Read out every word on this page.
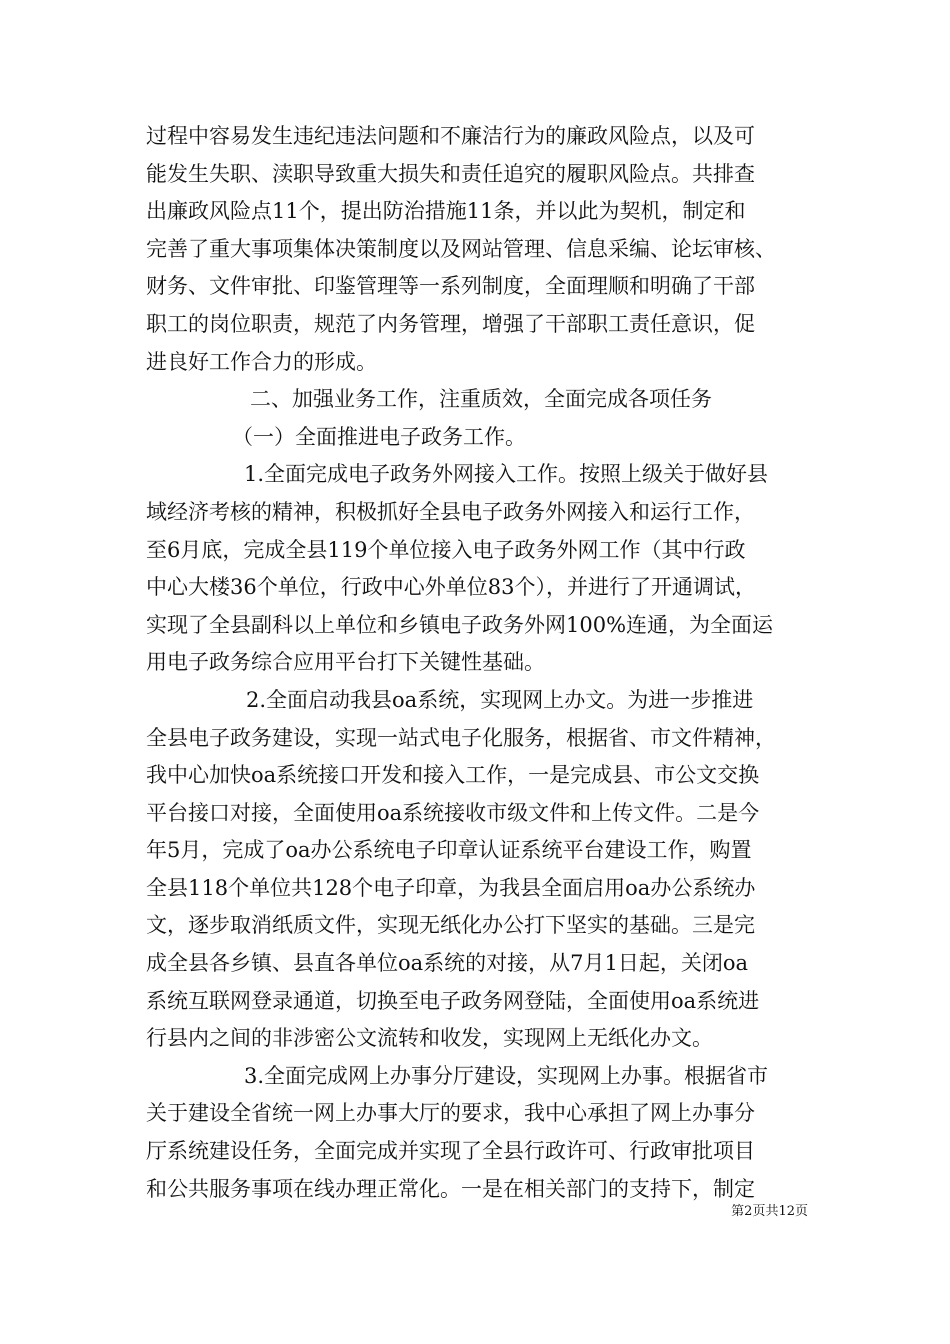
过程中容易发生违纪违法问题和不廉洁行为的廉政风险点，以及可
能发生失职、渎职导致重大损失和责任追究的履职风险点。共排查
出廉政风险点11个，提出防治措施11条，并以此为契机，制定和
完善了重大事项集体决策制度以及网站管理、信息采编、论坛审核、
财务、文件审批、印鉴管理等一系列制度，全面理顺和明确了干部
职工的岗位职责，规范了内务管理，增强了干部职工责任意识，促
进良好工作合力的形成。
二、加强业务工作，注重质效，全面完成各项任务
（一）全面推进电子政务工作。
1.全面完成电子政务外网接入工作。按照上级关于做好县
域经济考核的精神，积极抓好全县电子政务外网接入和运行工作，
至6月底，完成全县119个单位接入电子政务外网工作（其中行政
中心大楼36个单位，行政中心外单位83个），并进行了开通调试，
实现了全县副科以上单位和乡镇电子政务外网100%连通，为全面运
用电子政务综合应用平台打下关键性基础。
2.全面启动我县oa系统，实现网上办文。为进一步推进
全县电子政务建设，实现一站式电子化服务，根据省、市文件精神，
我中心加快oa系统接口开发和接入工作，一是完成县、市公文交换
平台接口对接，全面使用oa系统接收市级文件和上传文件。二是今
年5月，完成了oa办公系统电子印章认证系统平台建设工作，购置
全县118个单位共128个电子印章，为我县全面启用oa办公系统办
文，逐步取消纸质文件，实现无纸化办公打下坚实的基础。三是完
成全县各乡镇、县直各单位oa系统的对接，从7月1日起，关闭oa
系统互联网登录通道，切换至电子政务网登陆，全面使用oa系统进
行县内之间的非涉密公文流转和收发，实现网上无纸化办文。
3.全面完成网上办事分厅建设，实现网上办事。根据省市
关于建设全省统一网上办事大厅的要求，我中心承担了网上办事分
厅系统建设任务，全面完成并实现了全县行政许可、行政审批项目
和公共服务事项在线办理正常化。一是在相关部门的支持下，制定
第2页共12页
